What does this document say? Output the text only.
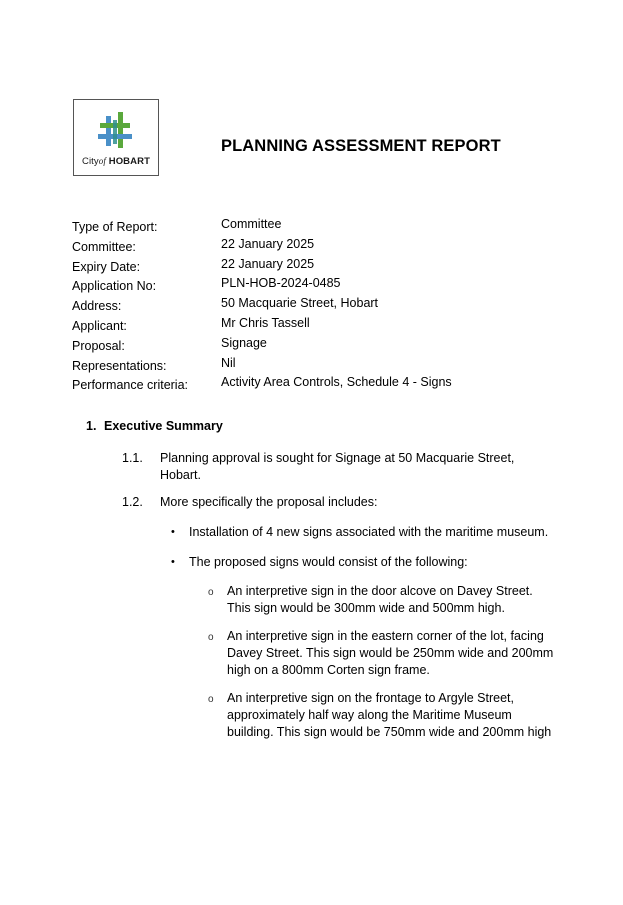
Cityof HOBART
PLANNING ASSESSMENT REPORT
Type of Report:	Committee
Committee:	22 January 2025
Expiry Date:	22 January 2025
Application No:	PLN-HOB-2024-0485
Address:	50 Macquarie Street, Hobart
Applicant:	Mr Chris Tassell
Proposal:	Signage
Representations:	Nil
Performance criteria:	Activity Area Controls, Schedule 4 - Signs
1. Executive Summary
1.1. Planning approval is sought for Signage at 50 Macquarie Street,
Hobart.
1.2. More specifically the proposal includes:
• Installation of 4 new signs associated with the maritime museum.
• The proposed signs would consist of the following:
o An interpretive sign in the door alcove on Davey Street.
This sign would be 300mm wide and 500mm high.
o An interpretive sign in the eastern corner of the lot, facing
Davey Street. This sign would be 250mm wide and 200mm
high on a 800mm Corten sign frame.
o An interpretive sign on the frontage to Argyle Street,
approximately half way along the Maritime Museum
building. This sign would be 750mm wide and 200mm high
